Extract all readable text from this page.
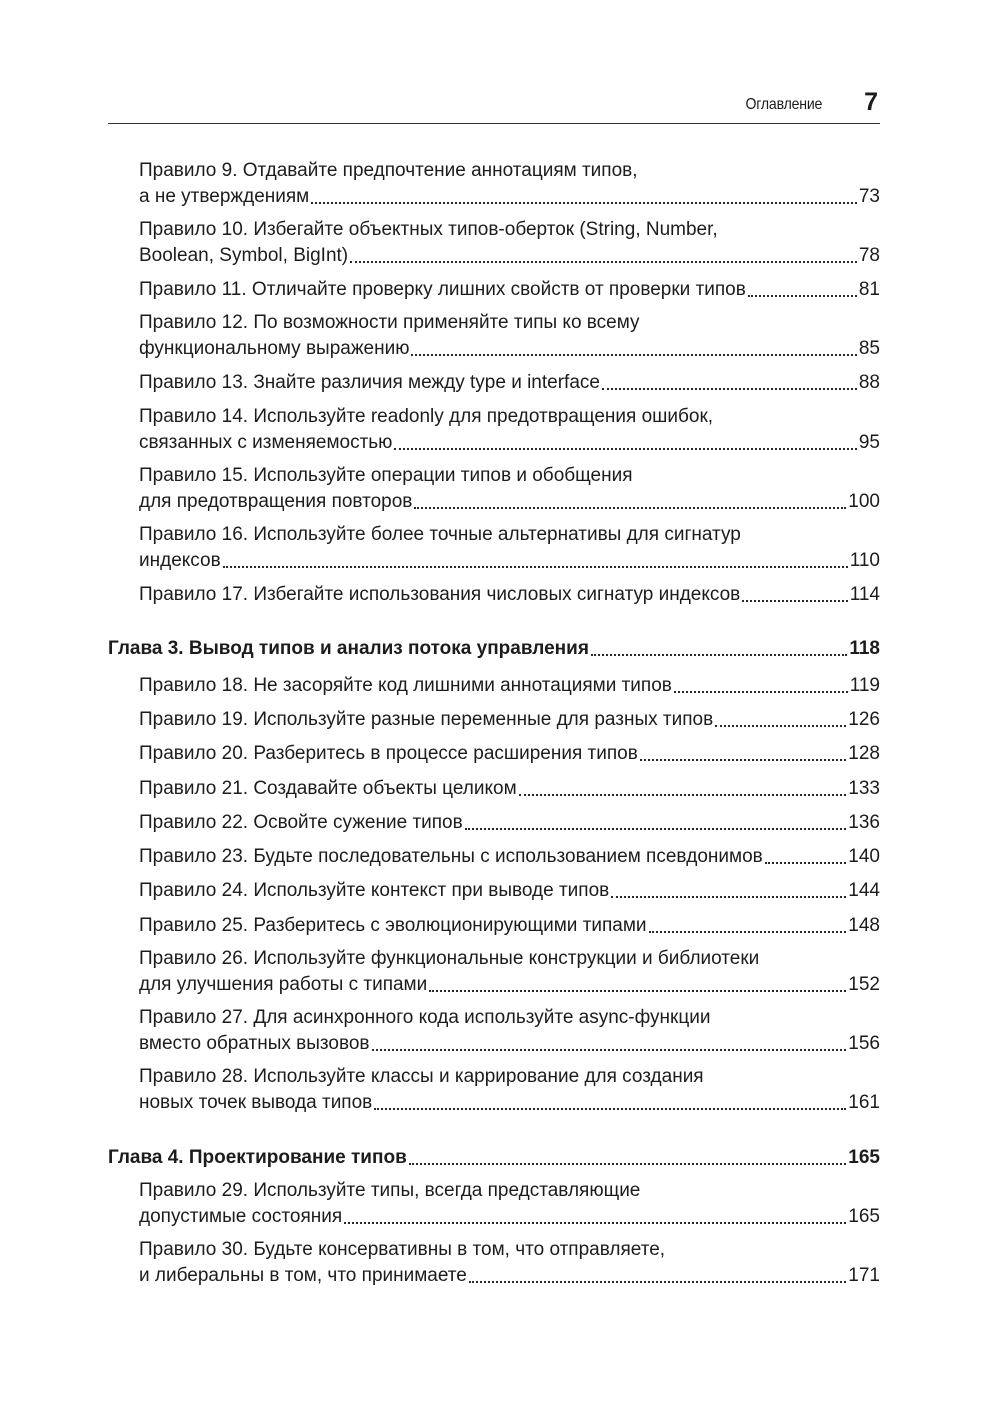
Оглавление 7
Правило 9. Отдавайте предпочтение аннотациям типов,
а не утверждениям	73
Правило 10. Избегайте объектных типов-оберток (String, Number,
Boolean, Symbol, BigInt)	78
Правило 11. Отличайте проверку лишних свойств от проверки типов	81
Правило 12. По возможности применяйте типы ко всему
функциональному выражению	85
Правило 13. Знайте различия между type и interface	88
Правило 14. Используйте readonly для предотвращения ошибок,
связанных с изменяемостью	95
Правило 15. Используйте операции типов и обобщения
для предотвращения повторов	100
Правило 16. Используйте более точные альтернативы для сигнатур
индексов	110
Правило 17. Избегайте использования числовых сигнатур индексов	114
Глава 3. Вывод типов и анализ потока управления	118
Правило 18. Не засоряйте код лишними аннотациями типов	119
Правило 19. Используйте разные переменные для разных типов	126
Правило 20. Разберитесь в процессе расширения типов	128
Правило 21. Создавайте объекты целиком	133
Правило 22. Освойте сужение типов	136
Правило 23. Будьте последовательны с использованием псевдонимов	140
Правило 24. Используйте контекст при выводе типов	144
Правило 25. Разберитесь с эволюционирующими типами	148
Правило 26. Используйте функциональные конструкции и библиотеки
для улучшения работы с типами	152
Правило 27. Для асинхронного кода используйте async-функции
вместо обратных вызовов	156
Правило 28. Используйте классы и каррирование для создания
новых точек вывода типов	161
Глава 4. Проектирование типов	165
Правило 29. Используйте типы, всегда представляющие
допустимые состояния	165
Правило 30. Будьте консервативны в том, что отправляете,
и либеральны в том, что принимаете	171
